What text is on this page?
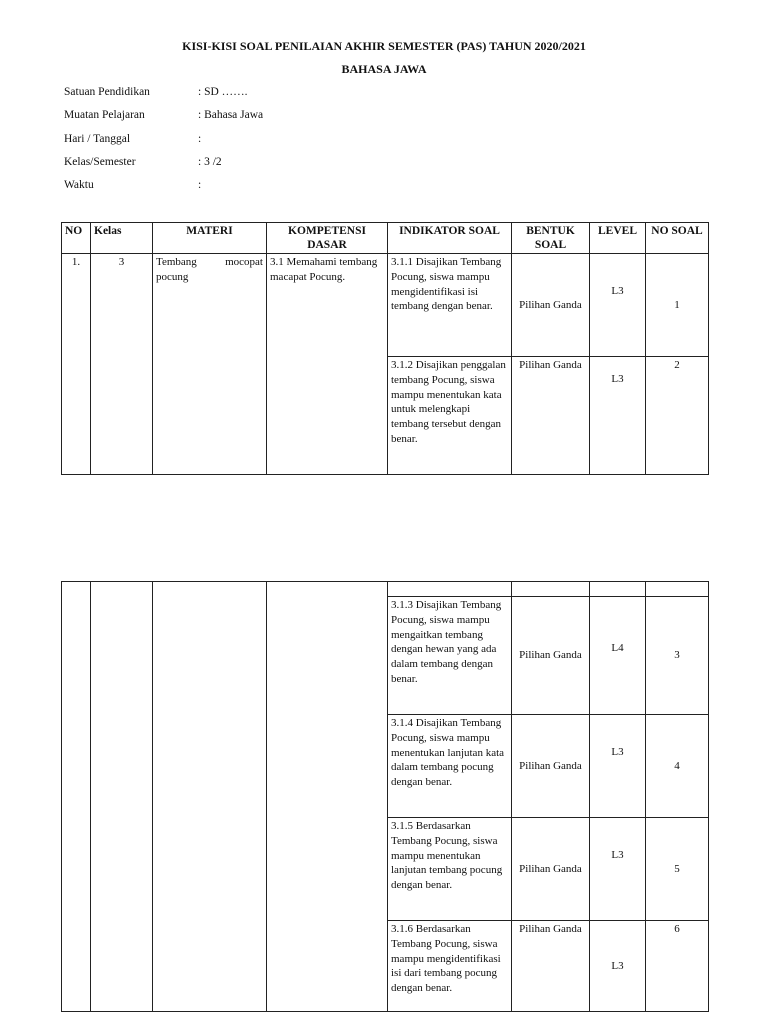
KISI-KISI SOAL PENILAIAN AKHIR SEMESTER (PAS) TAHUN 2020/2021
BAHASA JAWA
Satuan Pendidikan	: SD …….
Muatan Pelajaran	: Bahasa Jawa
Hari / Tanggal	:
Kelas/Semester	: 3 /2
Waktu	:
NO	Kelas	MATERI	KOMPETENSI DASAR	INDIKATOR SOAL	BENTUK SOAL	LEVEL	NO SOAL
1.	3	Tembang mocopat pocung	3.1 Memahami tembang macapat Pocung.	3.1.1 Disajikan Tembang Pocung, siswa mampu mengidentifikasi isi tembang dengan benar.	Pilihan Ganda	L3	1
				3.1.2 Disajikan penggalan tembang Pocung, siswa mampu menentukan kata untuk melengkapi tembang tersebut dengan benar.	Pilihan Ganda	L3	2

				3.1.3 Disajikan Tembang Pocung, siswa mampu mengaitkan tembang dengan hewan yang ada dalam tembang dengan benar.	Pilihan Ganda	L4	3
				3.1.4 Disajikan Tembang Pocung, siswa mampu menentukan lanjutan kata dalam tembang pocung dengan benar.	Pilihan Ganda	L3	4
				3.1.5 Berdasarkan Tembang Pocung, siswa mampu menentukan lanjutan tembang pocung dengan benar.	Pilihan Ganda	L3	5
				3.1.6 Berdasarkan Tembang Pocung, siswa mampu mengidentifikasi isi dari tembang pocung dengan benar.	Pilihan Ganda	L3	6
